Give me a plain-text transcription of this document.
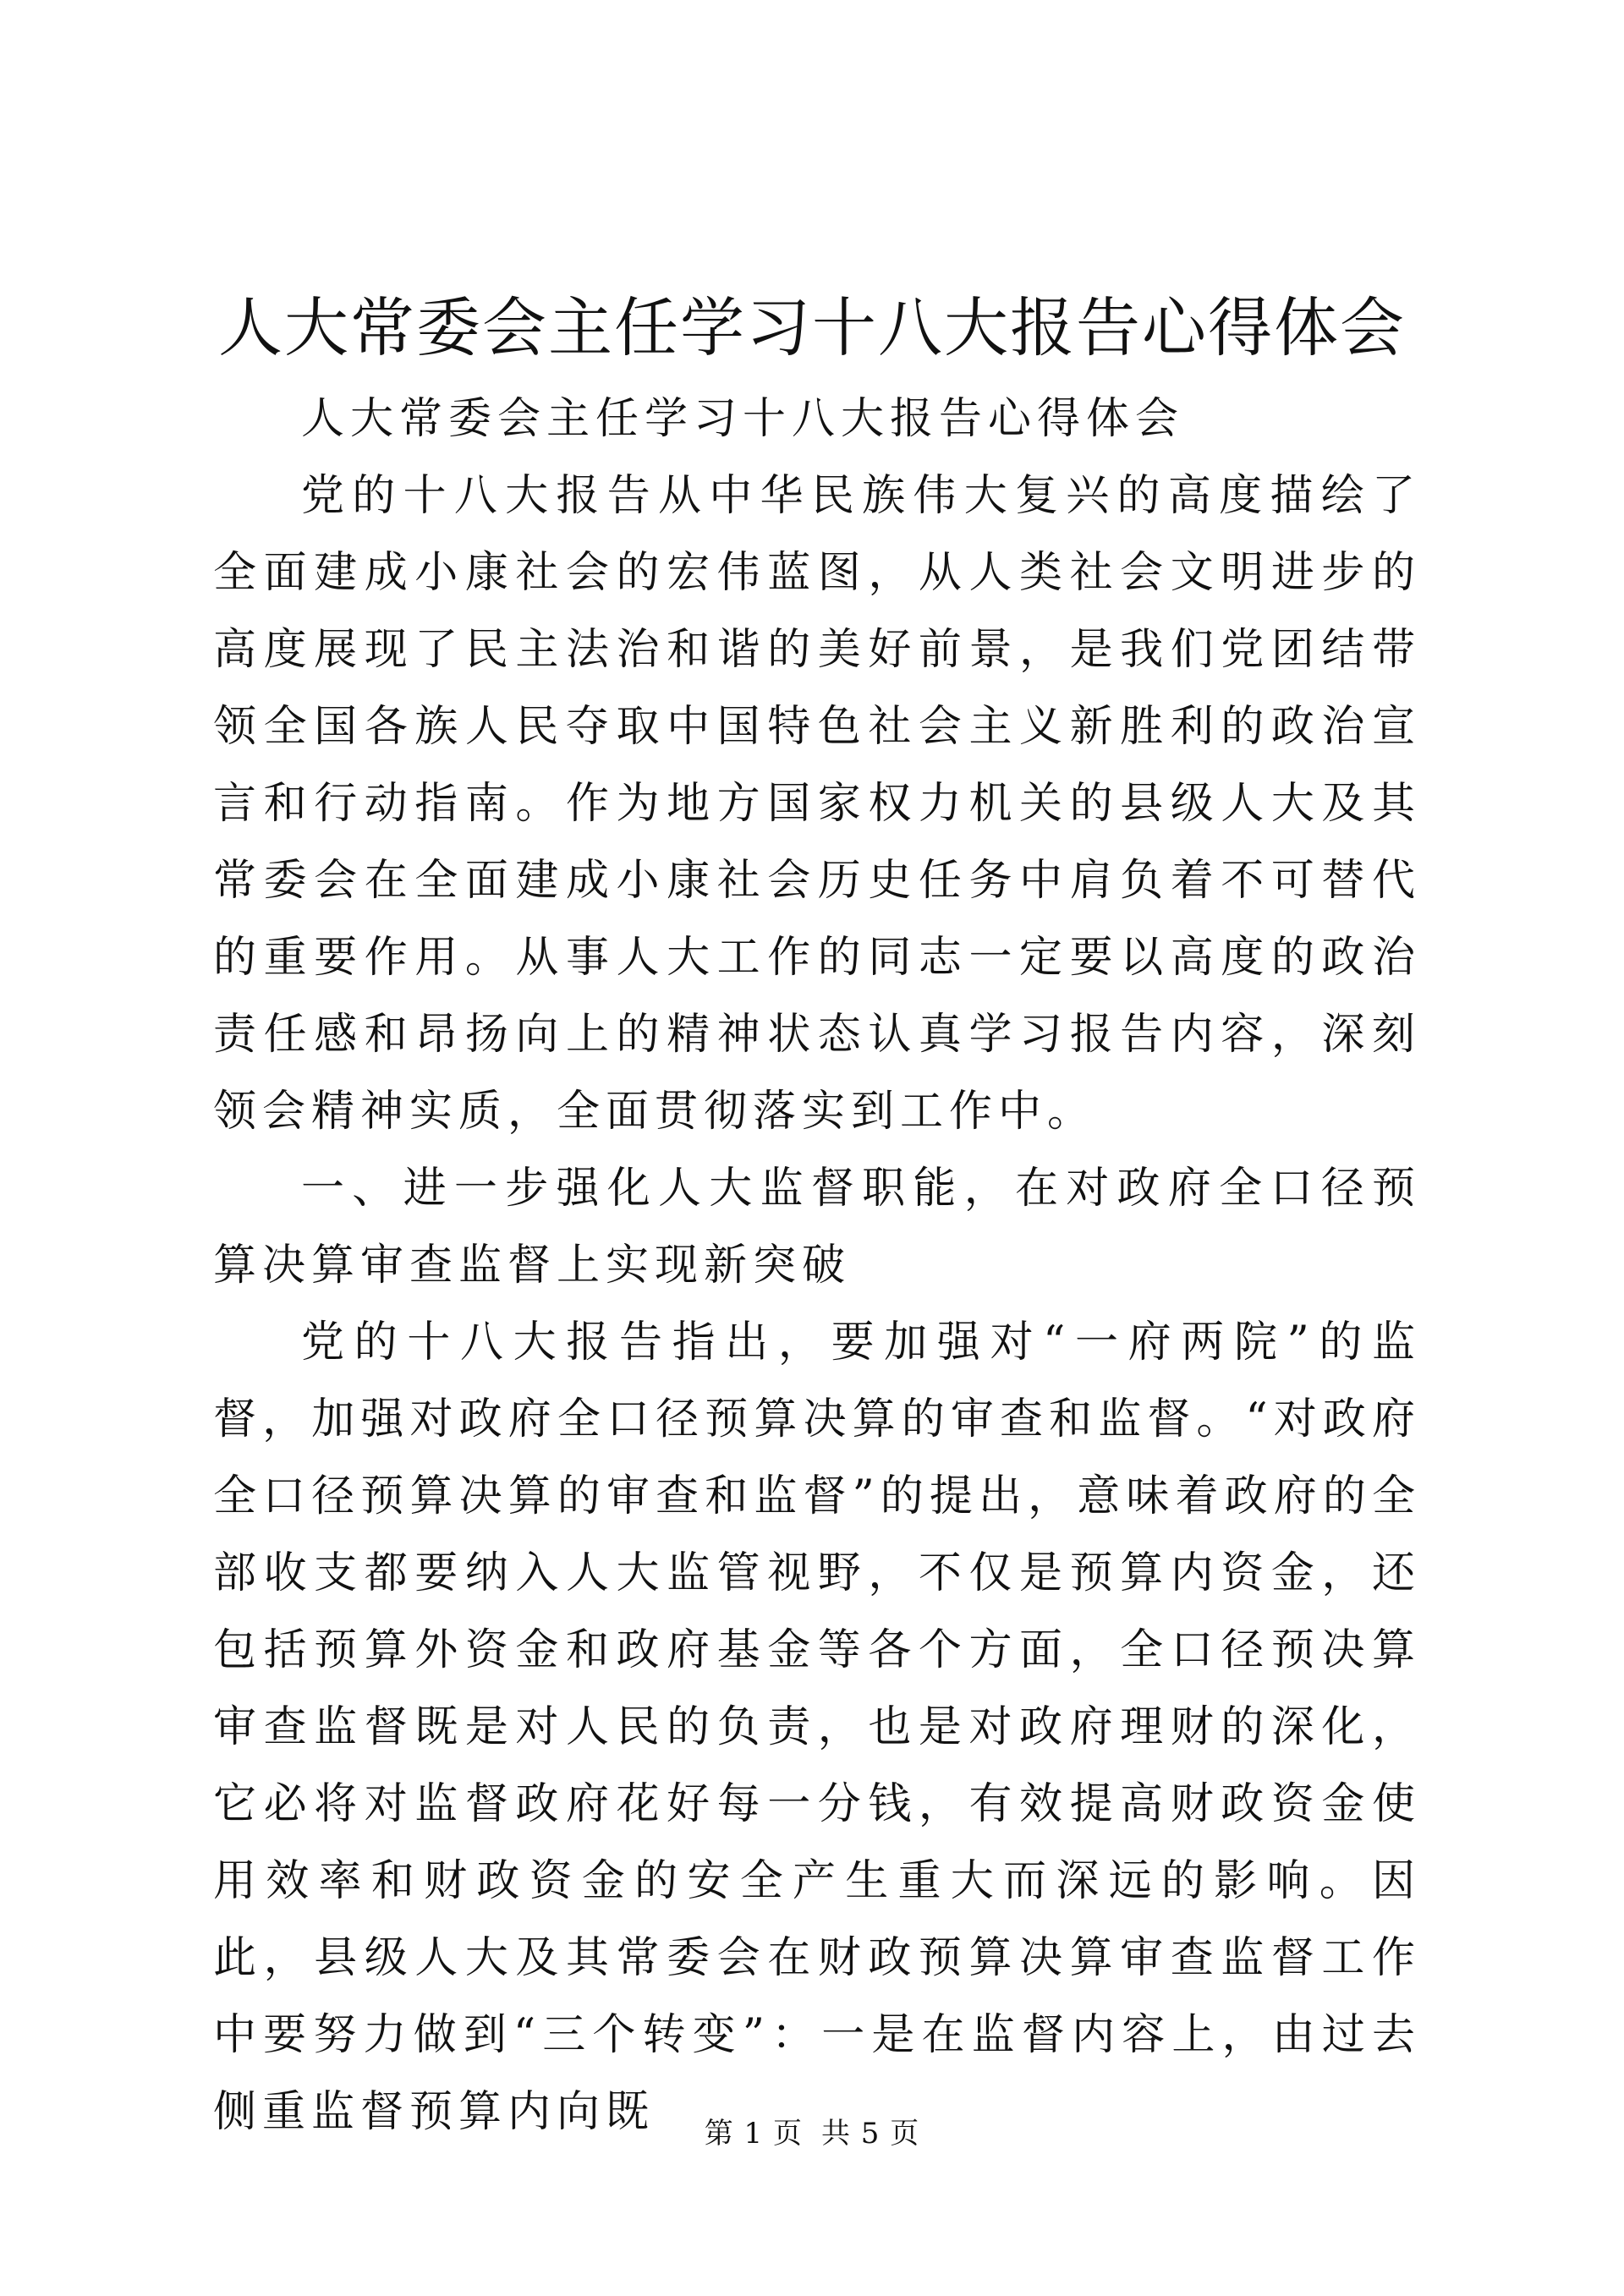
人大常委会主任学习十八大报告心得体会

人大常委会主任学习十八大报告心得体会

党的十八大报告从中华民族伟大复兴的高度描绘了全面建成小康社会的宏伟蓝图，从人类社会文明进步的高度展现了民主法治和谐的美好前景，是我们党团结带领全国各族人民夺取中国特色社会主义新胜利的政治宣言和行动指南。作为地方国家权力机关的县级人大及其常委会在全面建成小康社会历史任务中肩负着不可替代的重要作用。从事人大工作的同志一定要以高度的政治责任感和昂扬向上的精神状态认真学习报告内容，深刻领会精神实质，全面贯彻落实到工作中。

一、进一步强化人大监督职能，在对政府全口径预算决算审查监督上实现新突破

党的十八大报告指出，要加强对“一府两院”的监督，加强对政府全口径预算决算的审查和监督。“对政府全口径预算决算的审查和监督”的提出，意味着政府的全部收支都要纳入人大监管视野，不仅是预算内资金，还包括预算外资金和政府基金等各个方面，全口径预决算审查监督既是对人民的负责，也是对政府理财的深化，它必将对监督政府花好每一分钱，有效提高财政资金使用效率和财政资金的安全产生重大而深远的影响。因此，县级人大及其常委会在财政预算决算审查监督工作中要努力做到“三个转变”：一是在监督内容上，由过去侧重监督预算内向既	第 1 页 共 5 页
